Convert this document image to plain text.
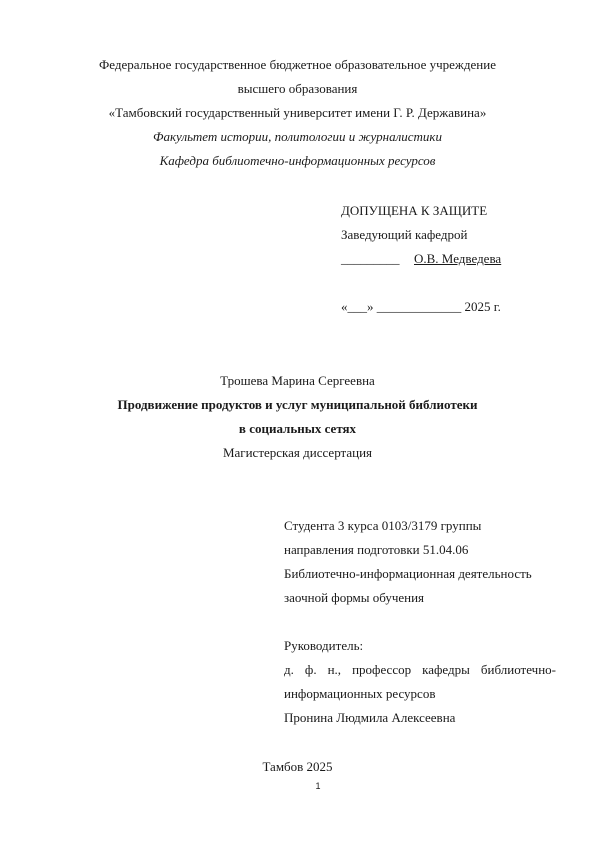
Федеральное государственное бюджетное образовательное учреждение
высшего образования
«Тамбовский государственный университет имени Г. Р. Державина»
Факультет истории, политологии и журналистики
Кафедра библиотечно-информационных ресурсов
ДОПУЩЕНА К ЗАЩИТЕ
Заведующий кафедрой
_________ О.В. Медведева
«___» _____________ 2025 г.
Трошева Марина Сергеевна
Продвижение продуктов и услуг муниципальной библиотеки
в социальных сетях
Магистерская диссертация
Студента 3 курса 0103/3179 группы
направления подготовки 51.04.06
Библиотечно-информационная деятельность
заочной формы обучения
Руководитель:
д. ф. н., профессор кафедры библиотечно-
информационных ресурсов
Пронина Людмила Алексеевна
Тамбов 2025
1
